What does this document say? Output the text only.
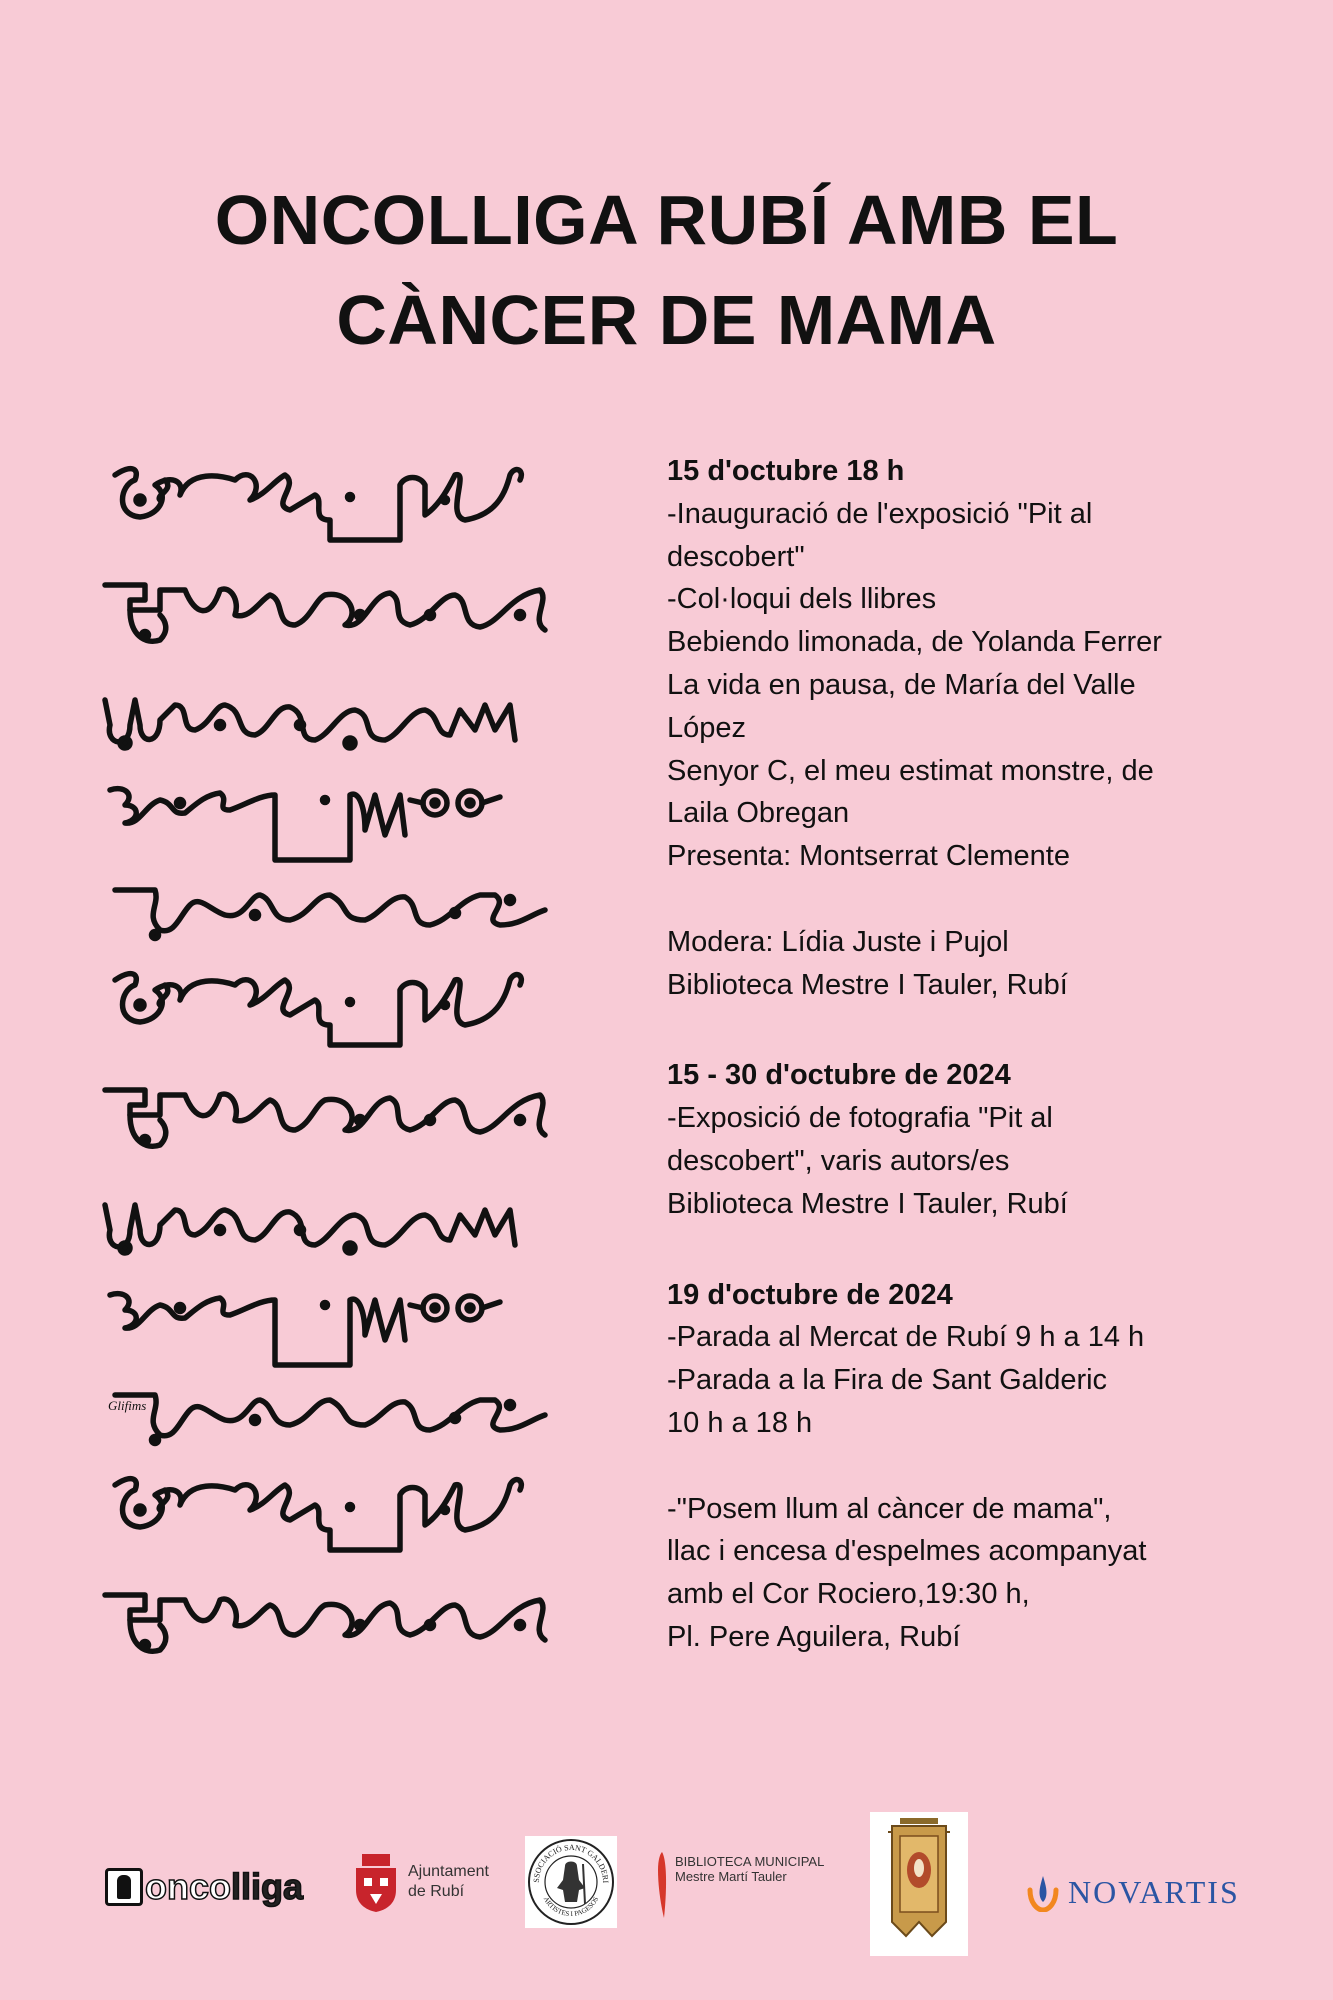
ONCOLLIGA RUBÍ AMB EL
CÀNCER DE MAMA
Glifims

15 d'octubre 18 h

-Inauguració de l'exposició "Pit al

descobert"

-Col·loqui dels llibres

Bebiendo limonada, de Yolanda Ferrer

La vida en pausa, de María del Valle

López

Senyor C, el meu estimat monstre, de

Laila Obregan

Presenta: Montserrat Clemente

Modera: Lídia Juste i Pujol

Biblioteca Mestre I Tauler, Rubí

15 - 30 d'octubre de 2024

-Exposició de fotografia "Pit al

descobert", varis autors/es

Biblioteca Mestre I Tauler, Rubí

19 d'octubre de 2024

-Parada al Mercat de Rubí 9 h a 14 h

-Parada a la Fira de Sant Galderic

10 h a 18 h

-"Posem llum al càncer de mama",

llac i encesa d'espelmes acompanyat

amb el Cor Rociero,19:30 h,

Pl. Pere Aguilera, Rubí

oncolliga	Ajuntament
de Rubí
SSOCIACIÓ SANT GALDERI
ARTISTES I PAGESOS
BIBLIOTECA MUNICIPAL
Mestre Martí Tauler	NOVARTIS
